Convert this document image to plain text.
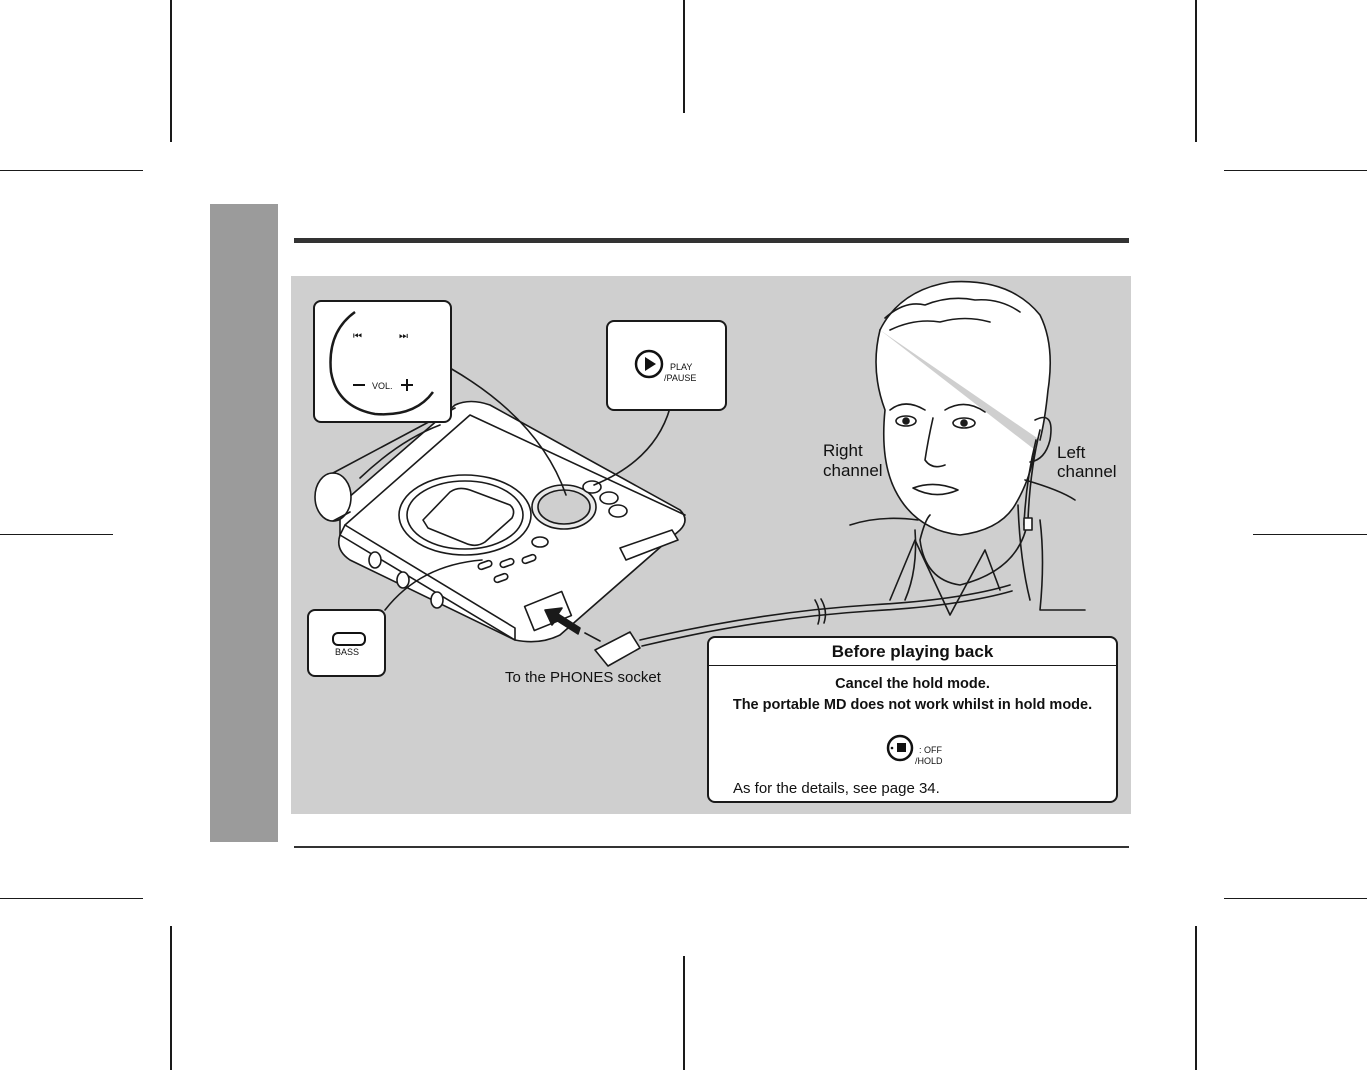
⏮	⏭
VOL.
PLAY
/PAUSE
BASS
To the PHONES socket
Right
channel
Left
channel
Before playing back
Cancel the hold mode.
The portable MD does not work whilst in hold mode.
: OFF
/HOLD
As for the details, see page 34.
